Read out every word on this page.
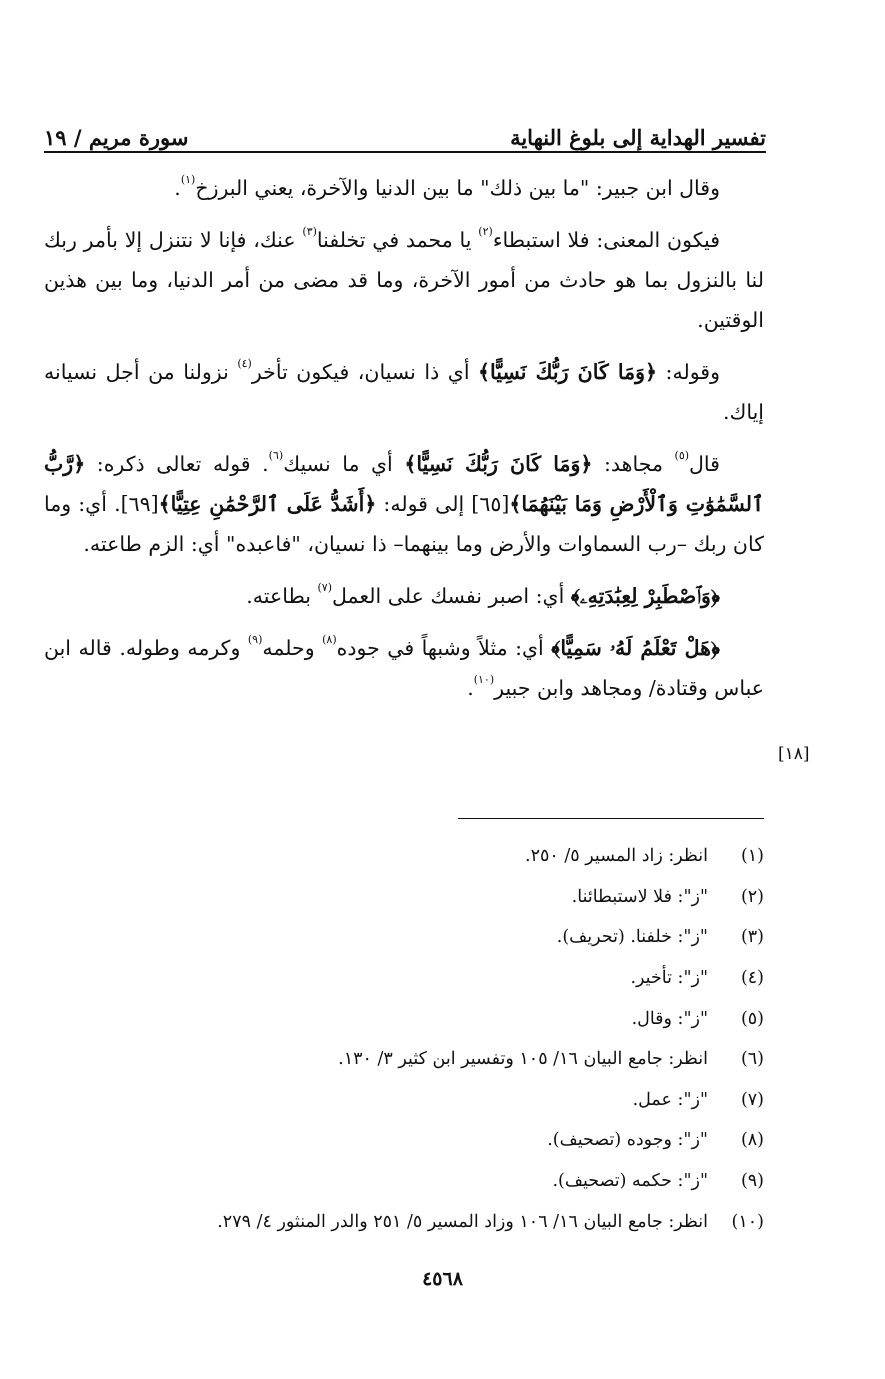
تفسير الهداية إلى بلوغ النهاية
سورة مريم / ١٩

وقال ابن جبير: "ما بين ذلك" ما بين الدنيا والآخرة، يعني البرزخ$^{(١)}$.

فيكون المعنى: فلا استبطاء$^{(٢)}$ يا محمد في تخلفنا$^{(٣)}$ عنك، فإنا لا نتنزل إلا بأمر ربك لنا بالنزول بما هو حادث من أمور الآخرة، وما قد مضى من أمر الدنيا، وما بين هذين الوقتين.

وقوله: ﴿وَمَا كَانَ رَبُّكَ نَسِيًّا﴾ أي ذا نسيان، فيكون تأخر$^{(٤)}$ نزولنا من أجل نسيانه إياك.

قال$^{(٥)}$ مجاهد: ﴿وَمَا كَانَ رَبُّكَ نَسِيًّا﴾ أي ما نسيك$^{(٦)}$. قوله تعالى ذكره: ﴿رَّبُّ ٱلسَّمَٰوَٰتِ وَٱلْأَرْضِ وَمَا بَيْنَهُمَا﴾[٦٥] إلى قوله: ﴿أَشَدُّ عَلَى ٱلرَّحْمَٰنِ عِتِيًّا﴾[٦٩]. أي: وما كان ربك –رب السماوات والأرض وما بينهما– ذا نسيان، "فاعبده" أي: الزم طاعته.

﴿وَٱصْطَبِرْ لِعِبَٰدَتِهِۦ﴾ أي: اصبر نفسك على العمل$^{(٧)}$ بطاعته.

﴿هَلْ تَعْلَمُ لَهُۥ سَمِيًّا﴾ أي: مثلاً وشبهاً في جوده$^{(٨)}$ وحلمه$^{(٩)}$ وكرمه وطوله. قاله ابن عباس وقتادة/ ومجاهد وابن جبير$^{(١٠)}$.

[١٨]
(١)
انظر: زاد المسير ٥/ ٢٥٠.
(٢)
"ز": فلا لاستبطائنا.
(٣)
"ز": خلفنا. (تحريف).
(٤)
"ز": تأخير.
(٥)
"ز": وقال.
(٦)
انظر: جامع البيان ١٦/ ١٠٥ وتفسير ابن كثير ٣/ ١٣٠.
(٧)
"ز": عمل.
(٨)
"ز": وجوده (تصحيف).
(٩)
"ز": حكمه (تصحيف).
(١٠)
انظر: جامع البيان ١٦/ ١٠٦ وزاد المسير ٥/ ٢٥١ والدر المنثور ٤/ ٢٧٩.
٤٥٦٨
